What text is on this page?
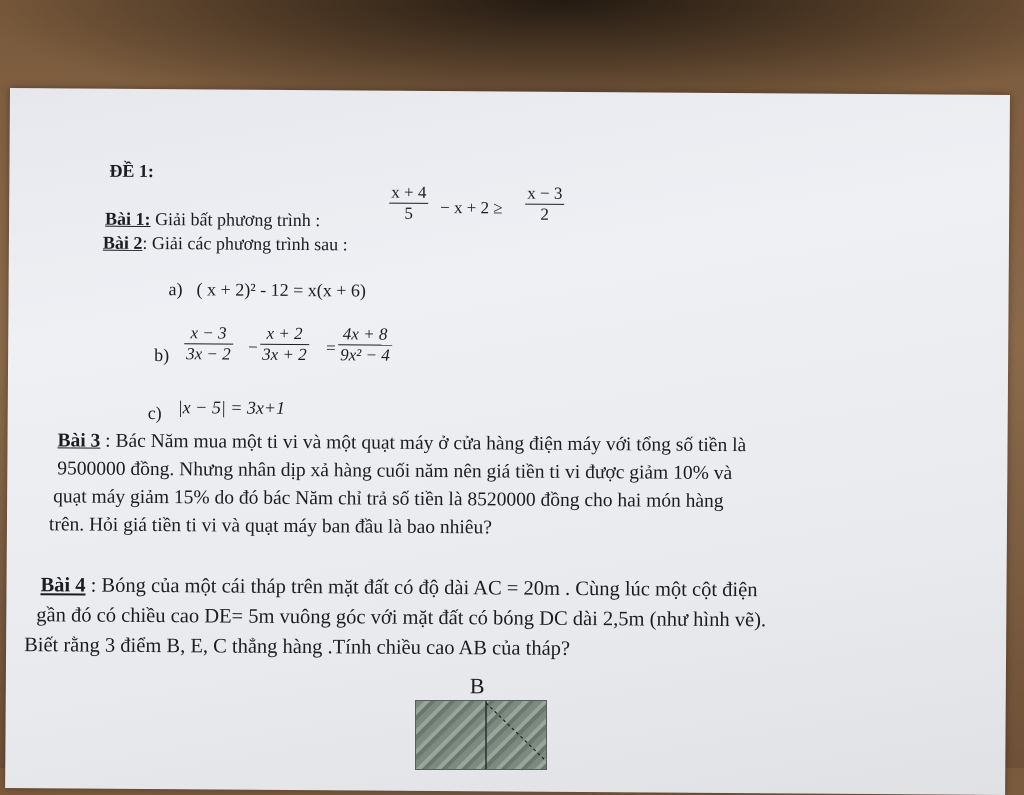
ĐỀ 1:
Bài 1: Giải bất phương trình :	$\frac{x + 4}{5} - x + 2 \ge \frac{x - 3}{2}$
Bài 2: Giải các phương trình sau :
a) ( x + 2)² - 12 = x(x + 6)
$b) \frac{x - 3}{3x - 2} - \frac{x + 2}{3x + 2} = \frac{4x + 8}{\text{9x² − 4}}$
c) |x − 5| = 3x+1
Bài 3 : Bác Năm mua một ti vi và một quạt máy ở cửa hàng điện máy với tổng số tiền là
9500000 đồng. Nhưng nhân dịp xả hàng cuối năm nên giá tiền ti vi được giảm 10% và
quạt máy giảm 15% do đó bác Năm chỉ trả số tiền là 8520000 đồng cho hai món hàng
trên. Hỏi giá tiền ti vi và quạt máy ban đầu là bao nhiêu?
Bài 4 : Bóng của một cái tháp trên mặt đất có độ dài AC = 20m . Cùng lúc một cột điện
gần đó có chiều cao DE= 5m vuông góc với mặt đất có bóng DC dài 2,5m (như hình vẽ).
Biết rằng 3 điểm B, E, C thẳng hàng .Tính chiều cao AB của tháp?
B
